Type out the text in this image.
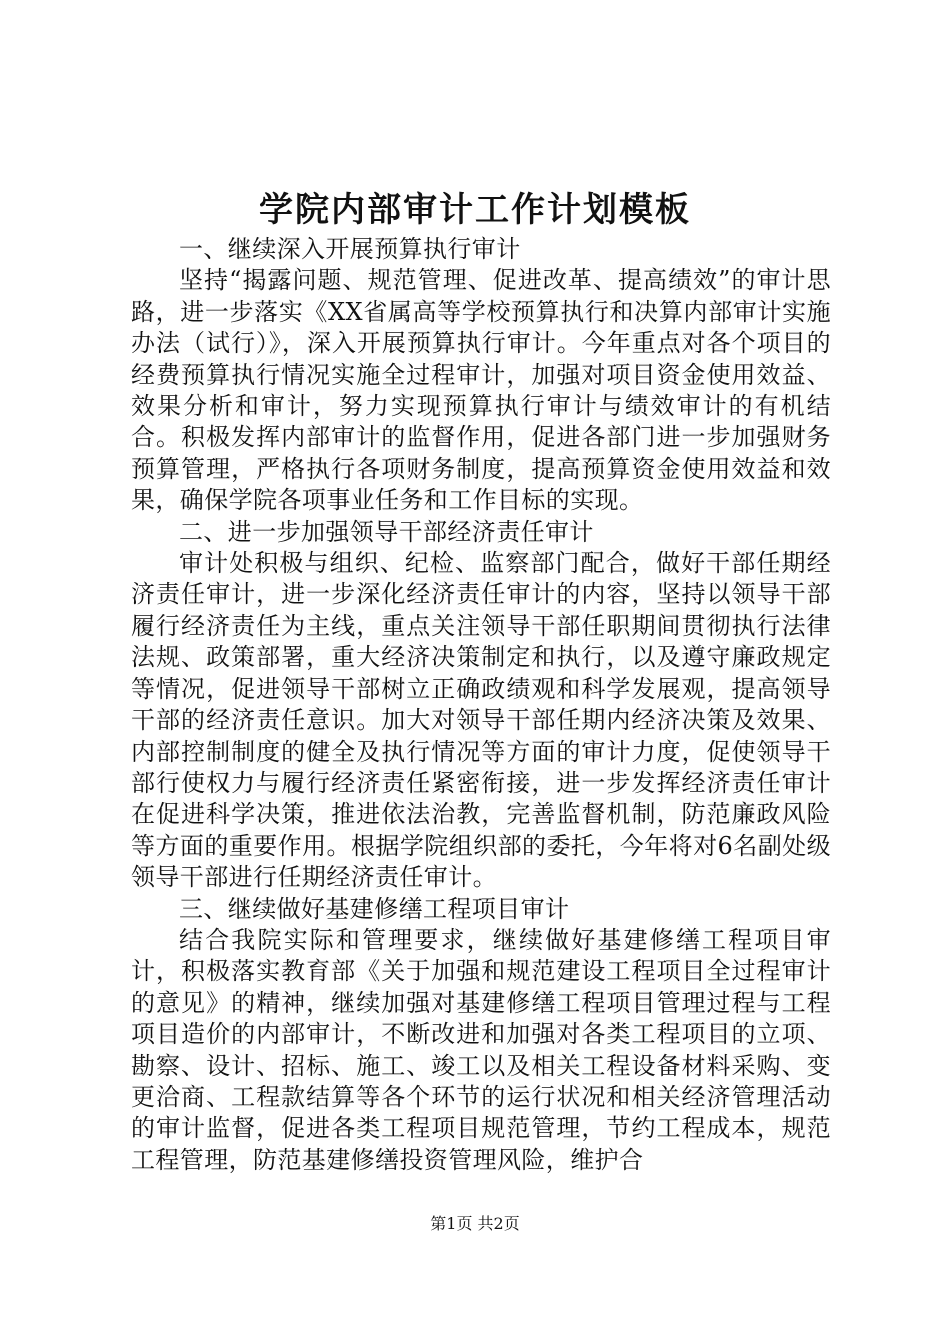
学院内部审计工作计划模板

一、继续深入开展预算执行审计

坚持“揭露问题、规范管理、促进改革、提高绩效”的审计思路，进一步落实《XX省属高等学校预算执行和决算内部审计实施办法（试行）》，深入开展预算执行审计。今年重点对各个项目的经费预算执行情况实施全过程审计，加强对项目资金使用效益、效果分析和审计，努力实现预算执行审计与绩效审计的有机结合。积极发挥内部审计的监督作用，促进各部门进一步加强财务预算管理，严格执行各项财务制度，提高预算资金使用效益和效果，确保学院各项事业任务和工作目标的实现。

二、进一步加强领导干部经济责任审计

审计处积极与组织、纪检、监察部门配合，做好干部任期经济责任审计，进一步深化经济责任审计的内容，坚持以领导干部履行经济责任为主线，重点关注领导干部任职期间贯彻执行法律法规、政策部署，重大经济决策制定和执行，以及遵守廉政规定等情况，促进领导干部树立正确政绩观和科学发展观，提高领导干部的经济责任意识。加大对领导干部任期内经济决策及效果、内部控制制度的健全及执行情况等方面的审计力度，促使领导干部行使权力与履行经济责任紧密衔接，进一步发挥经济责任审计在促进科学决策，推进依法治教，完善监督机制，防范廉政风险等方面的重要作用。根据学院组织部的委托，今年将对6名副处级领导干部进行任期经济责任审计。

三、继续做好基建修缮工程项目审计

结合我院实际和管理要求，继续做好基建修缮工程项目审计，积极落实教育部《关于加强和规范建设工程项目全过程审计的意见》的精神，继续加强对基建修缮工程项目管理过程与工程项目造价的内部审计，不断改进和加强对各类工程项目的立项、勘察、设计、招标、施工、竣工以及相关工程设备材料采购、变更洽商、工程款结算等各个环节的运行状况和相关经济管理活动的审计监督，促进各类工程项目规范管理，节约工程成本，规范工程管理，防范基建修缮投资管理风险，维护合

第1页 共2页
